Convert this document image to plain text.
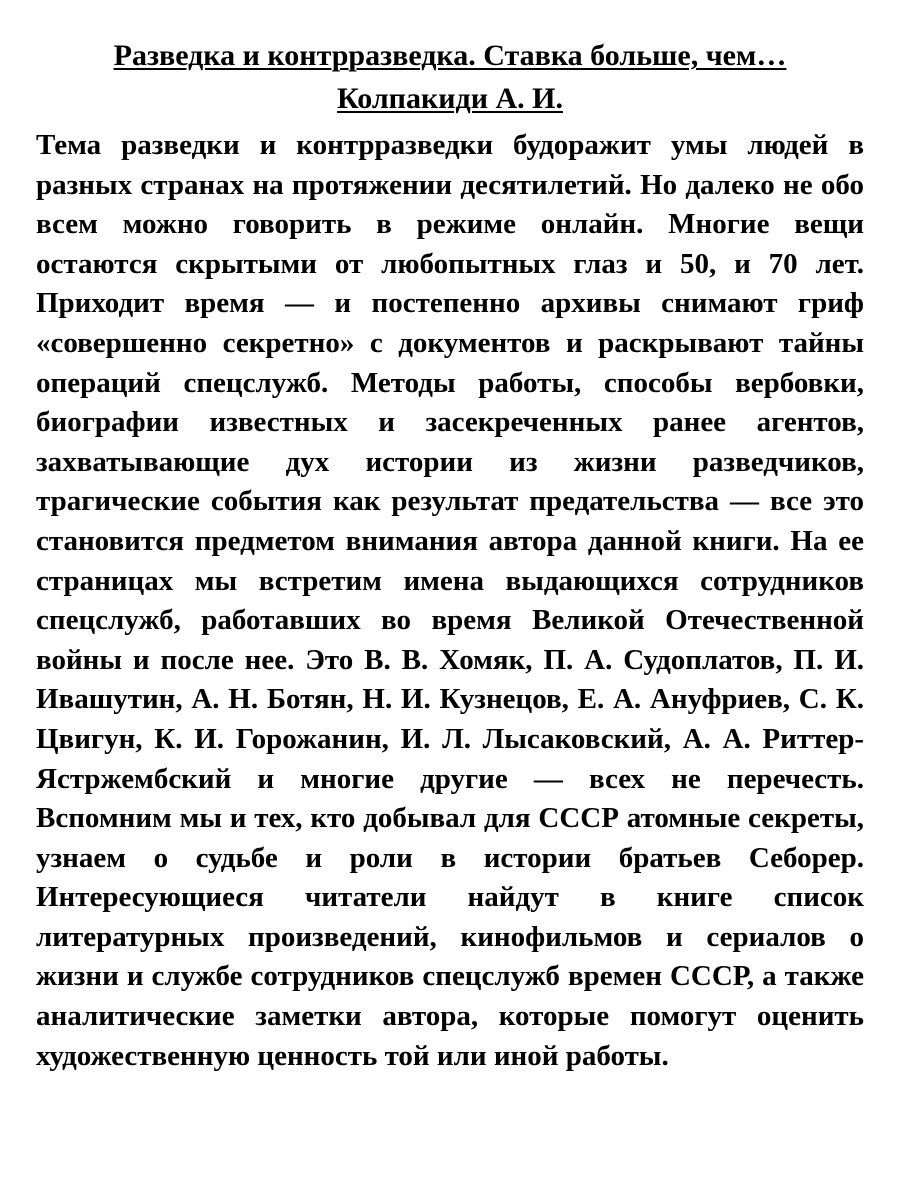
Разведка и контрразведка. Ставка больше, чем…
Колпакиди А. И.

Тема разведки и контрразведки будоражит умы людей в разных странах на протяжении десятилетий. Но далеко не обо всем можно говорить в режиме онлайн. Многие вещи остаются скрытыми от любопытных глаз и 50, и 70 лет. Приходит время — и постепенно архивы снимают гриф «совершенно секретно» с документов и раскрывают тайны операций спецслужб. Методы работы, способы вербовки, биографии известных и засекреченных ранее агентов, захватывающие дух истории из жизни разведчиков, трагические события как результат предательства — все это становится предметом внимания автора данной книги. На ее страницах мы встретим имена выдающихся сотрудников спецслужб, работавших во время Великой Отечественной войны и после нее. Это В. В. Хомяк, П. А. Судоплатов, П. И. Ивашутин, А. Н. Ботян, Н. И. Кузнецов, Е. А. Ануфриев, С. К. Цвигун, К. И. Горожанин, И. Л. Лысаковский, А. А. Риттер-Ястржембский и многие другие — всех не перечесть. Вспомним мы и тех, кто добывал для СССР атомные секреты, узнаем о судьбе и роли в истории братьев Себорер. Интересующиеся читатели найдут в книге список литературных произведений, кинофильмов и сериалов о жизни и службе сотрудников спецслужб времен СССР, а также аналитические заметки автора, которые помогут оценить художественную ценность той или иной работы.
